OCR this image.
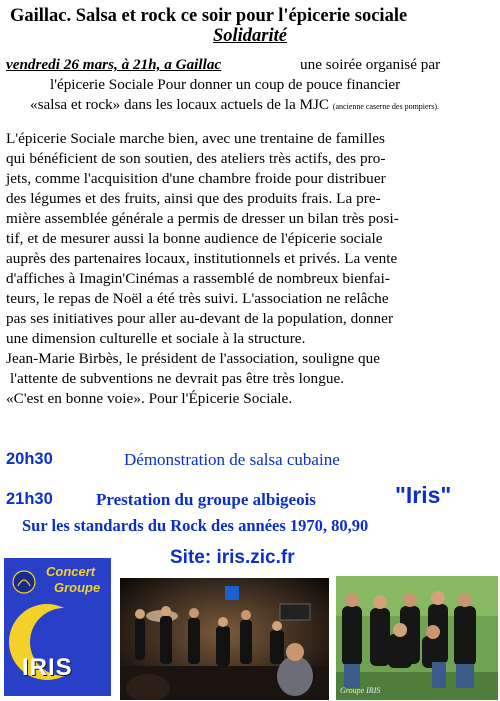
Gaillac. Salsa et rock ce soir pour l'épicerie sociale
Solidarité
vendredi 26 mars, à 21h, a Gaillac	une soirée organisé par
l'épicerie Sociale Pour donner un coup de pouce financier
«salsa et rock» dans les locaux actuels de la MJC (ancienne caserne des pompiers).
L'épicerie Sociale marche bien, avec une trentaine de familles
qui bénéficient de son soutien, des ateliers très actifs, des pro-
jets, comme l'acquisition d'une chambre froide pour distribuer
des légumes et des fruits, ainsi que des produits frais. La pre-
mière assemblée générale a permis de dresser un bilan très posi-
tif, et de mesurer aussi la bonne audience de l'épicerie sociale
auprès des partenaires locaux, institutionnels et privés. La vente
d'affiches à Imagin'Cinémas a rassemblé de nombreux bienfai-
teurs, le repas de Noël a été très suivi. L'association ne relâche
pas ses initiatives pour aller au-devant de la population, donner
une dimension culturelle et sociale à la structure.
Jean-Marie Birbès, le président de l'association, souligne que
l'attente de subventions ne devrait pas être très longue.
«C'est en bonne voie». Pour l'Épicerie Sociale.
20h30	Démonstration de salsa cubaine
21h30	Prestation du groupe albigeois	"Iris"
Sur les standards du Rock des années 1970, 80,90
Site: iris.zic.fr
Concert
Groupe
IRIS
Groupe IRIS
